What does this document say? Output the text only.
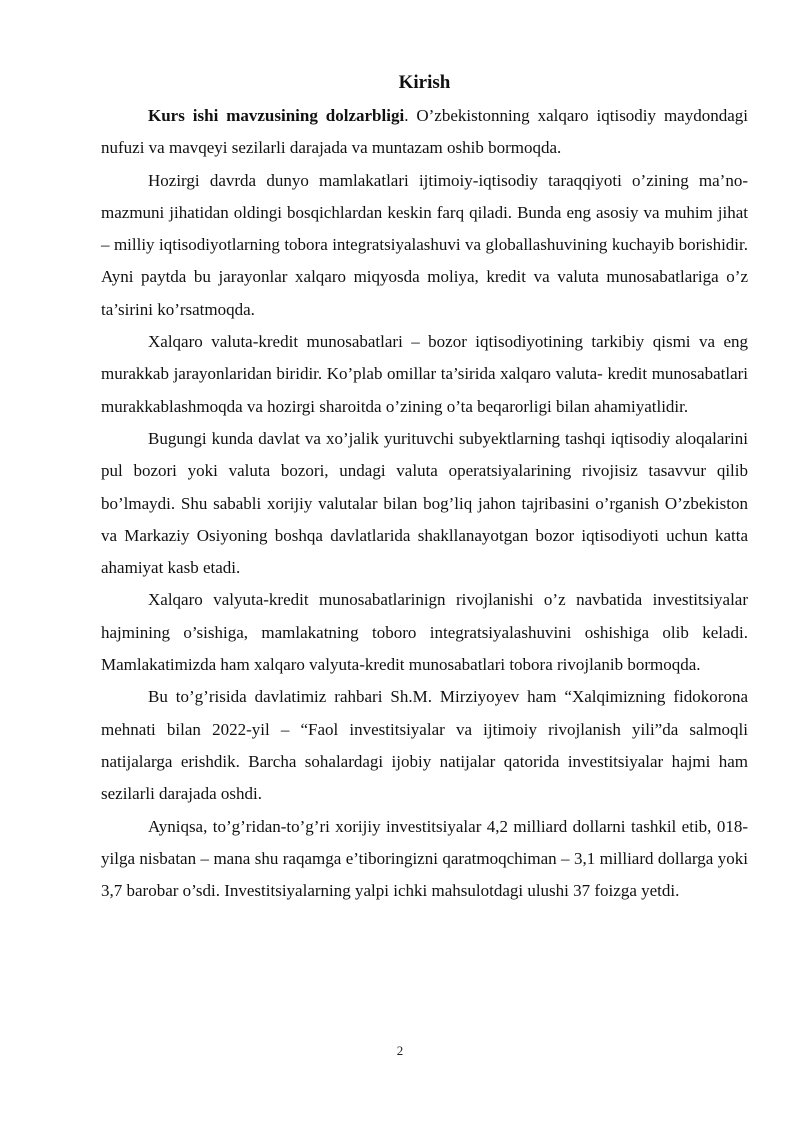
Kirish

Kurs ishi mavzusining dolzarbligi. O’zbekistonning xalqaro iqtisodiy maydondagi nufuzi va mavqeyi sezilarli darajada va muntazam oshib bormoqda.

Hozirgi davrda dunyo mamlakatlari ijtimoiy-iqtisodiy taraqqiyoti o’zining ma’no-mazmuni jihatidan oldingi bosqichlardan keskin farq qiladi. Bunda eng asosiy va muhim jihat – milliy iqtisodiyotlarning tobora integratsiyalashuvi va globallashuvining kuchayib borishidir. Ayni paytda bu jarayonlar xalqaro miqyosda moliya, kredit va valuta munosabatlariga o’z ta’sirini ko’rsatmoqda.

Xalqaro valuta-kredit munosabatlari – bozor iqtisodiyotining tarkibiy qismi va eng murakkab jarayonlaridan biridir. Ko’plab omillar ta’sirida xalqaro valuta- kredit munosabatlari murakkablashmoqda va hozirgi sharoitda o’zining o’ta beqarorligi bilan ahamiyatlidir.

Bugungi kunda davlat va xo’jalik yurituvchi subyektlarning tashqi iqtisodiy aloqalarini pul bozori yoki valuta bozori, undagi valuta operatsiyalarining rivojisiz tasavvur qilib bo’lmaydi. Shu sababli xorijiy valutalar bilan bog’liq jahon tajribasini o’rganish O’zbekiston va Markaziy Osiyoning boshqa davlatlarida shakllanayotgan bozor iqtisodiyoti uchun katta ahamiyat kasb etadi.

Xalqaro valyuta-kredit munosabatlarinign rivojlanishi o’z navbatida investitsiyalar hajmining o’sishiga, mamlakatning toboro integratsiyalashuvini oshishiga olib keladi. Mamlakatimizda ham xalqaro valyuta-kredit munosabatlari tobora rivojlanib bormoqda.

Bu to’g’risida davlatimiz rahbari Sh.M. Mirziyoyev ham “Xalqimizning fidokorona mehnati bilan 2022-yil – “Faol investitsiyalar va ijtimoiy rivojlanish yili”da salmoqli natijalarga erishdik. Barcha sohalardagi ijobiy natijalar qatorida investitsiyalar hajmi ham sezilarli darajada oshdi.

Ayniqsa, to’g’ridan-to’g’ri xorijiy investitsiyalar 4,2 milliard dollarni tashkil etib, 018-yilga nisbatan – mana shu raqamga e’tiboringizni qaratmoqchiman – 3,1 milliard dollarga yoki 3,7 barobar o’sdi. Investitsiyalarning yalpi ichki mahsulotdagi ulushi 37 foizga yetdi.

2
